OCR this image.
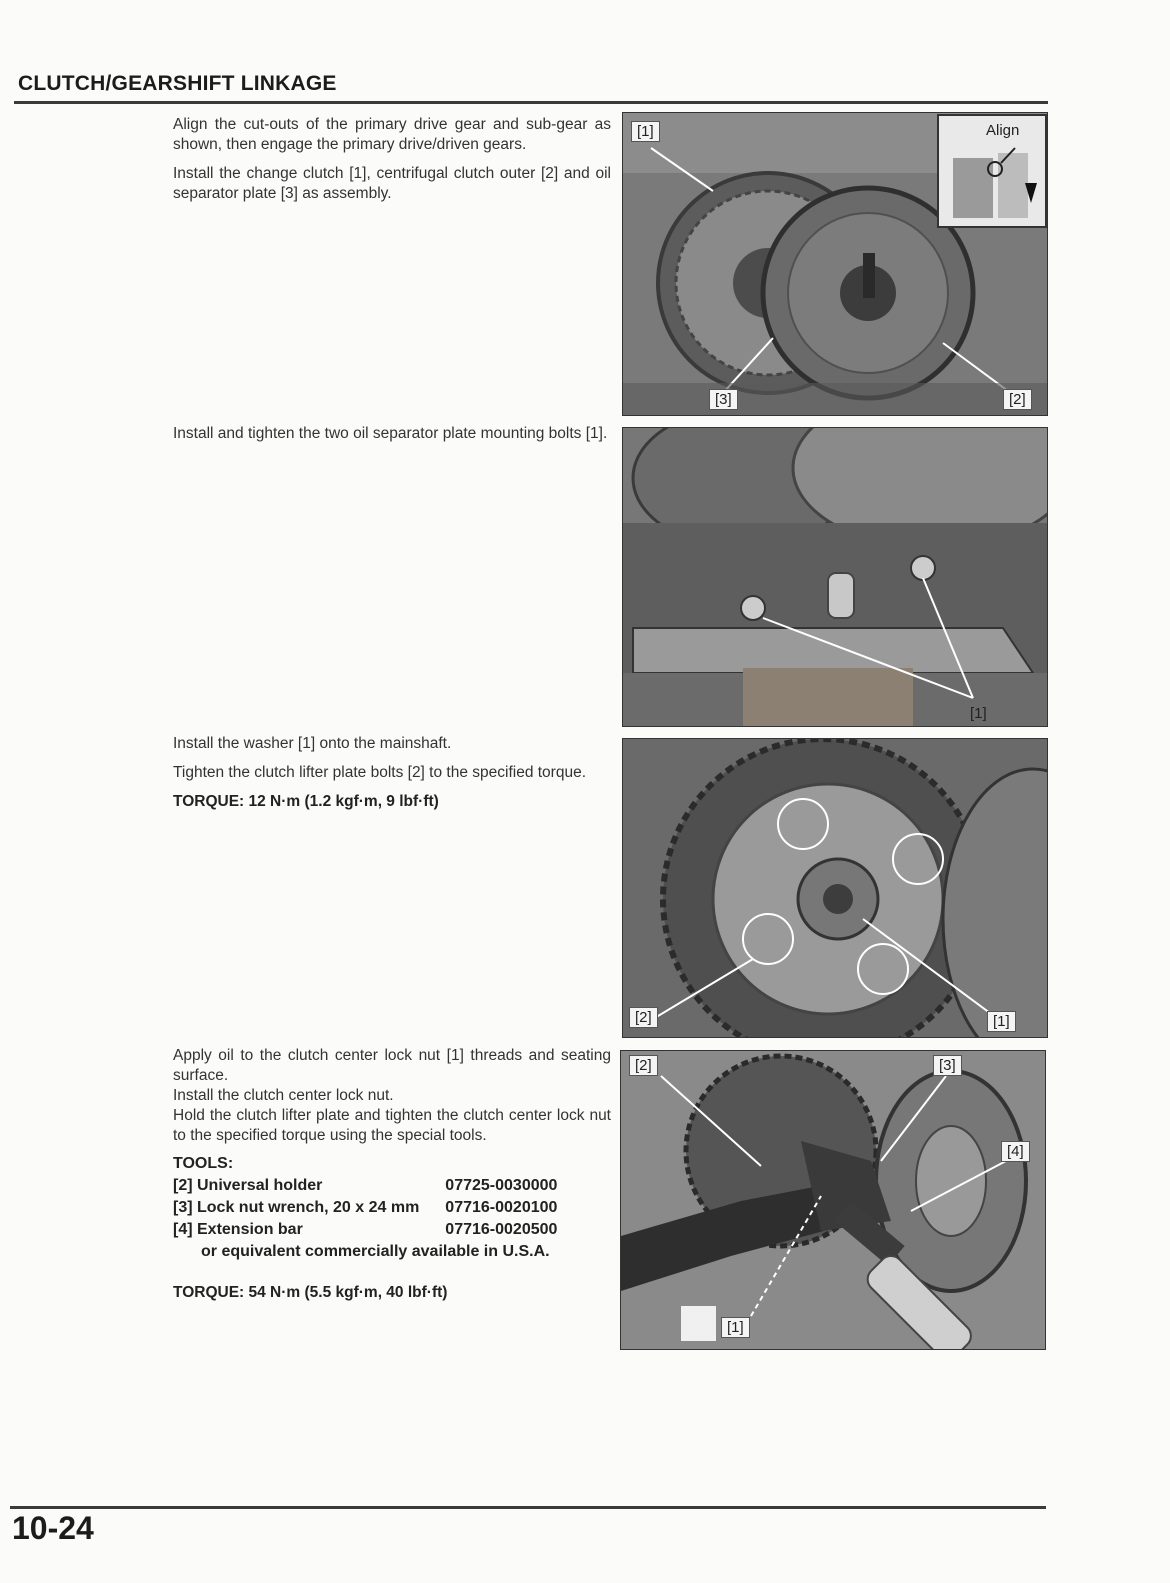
CLUTCH/GEARSHIFT LINKAGE

Align the cut-outs of the primary drive gear and sub-gear as shown, then engage the primary drive/driven gears.

Install the change clutch [1], centrifugal clutch outer [2] and oil separator plate [3] as assembly.

[1]	Align
[3]	[2]

Install and tighten the two oil separator plate mounting bolts [1].

[1]

Install the washer [1] onto the mainshaft.

Tighten the clutch lifter plate bolts [2] to the specified torque.

TORQUE: 12 N·m (1.2 kgf·m, 9 lbf·ft)

[2]	[1]

Apply oil to the clutch center lock nut [1] threads and seating surface.

Install the clutch center lock nut.

Hold the clutch lifter plate and tighten the clutch center lock nut to the specified torque using the special tools.

TOOLS:
[2] Universal holder	07725-0030000
[3] Lock nut wrench, 20 x 24 mm	07716-0020100
[4] Extension bar	07716-0020500
or equivalent commercially available in U.S.A.

TORQUE: 54 N·m (5.5 kgf·m, 40 lbf·ft)

[2]	[3]
[4]
[1]
10-24
